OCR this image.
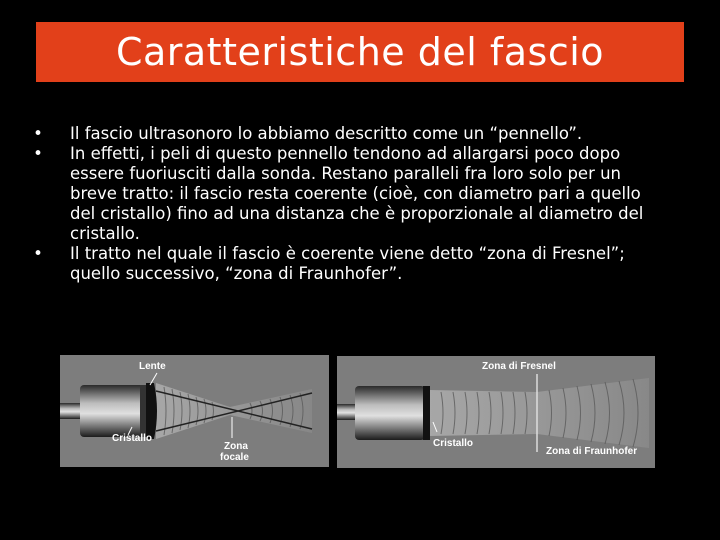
Caratteristiche del fascio
•	Il fascio ultrasonoro lo abbiamo descritto come un “pennello”.
•	In effetti, i peli di questo pennello tendono ad allargarsi poco dopo essere fuoriusciti dalla sonda. Restano paralleli fra loro solo per un breve tratto: il fascio resta coerente (cioè, con diametro pari a quello del cristallo) fino ad una distanza che è proporzionale al diametro del cristallo.
•	Il tratto nel quale il fascio è coerente viene detto “zona di Fresnel”; quello successivo, “zona di Fraunhofer”.
Lente
Cristallo
Zona
focale
Zona di Fresnel
Cristallo
Zona di Fraunhofer
